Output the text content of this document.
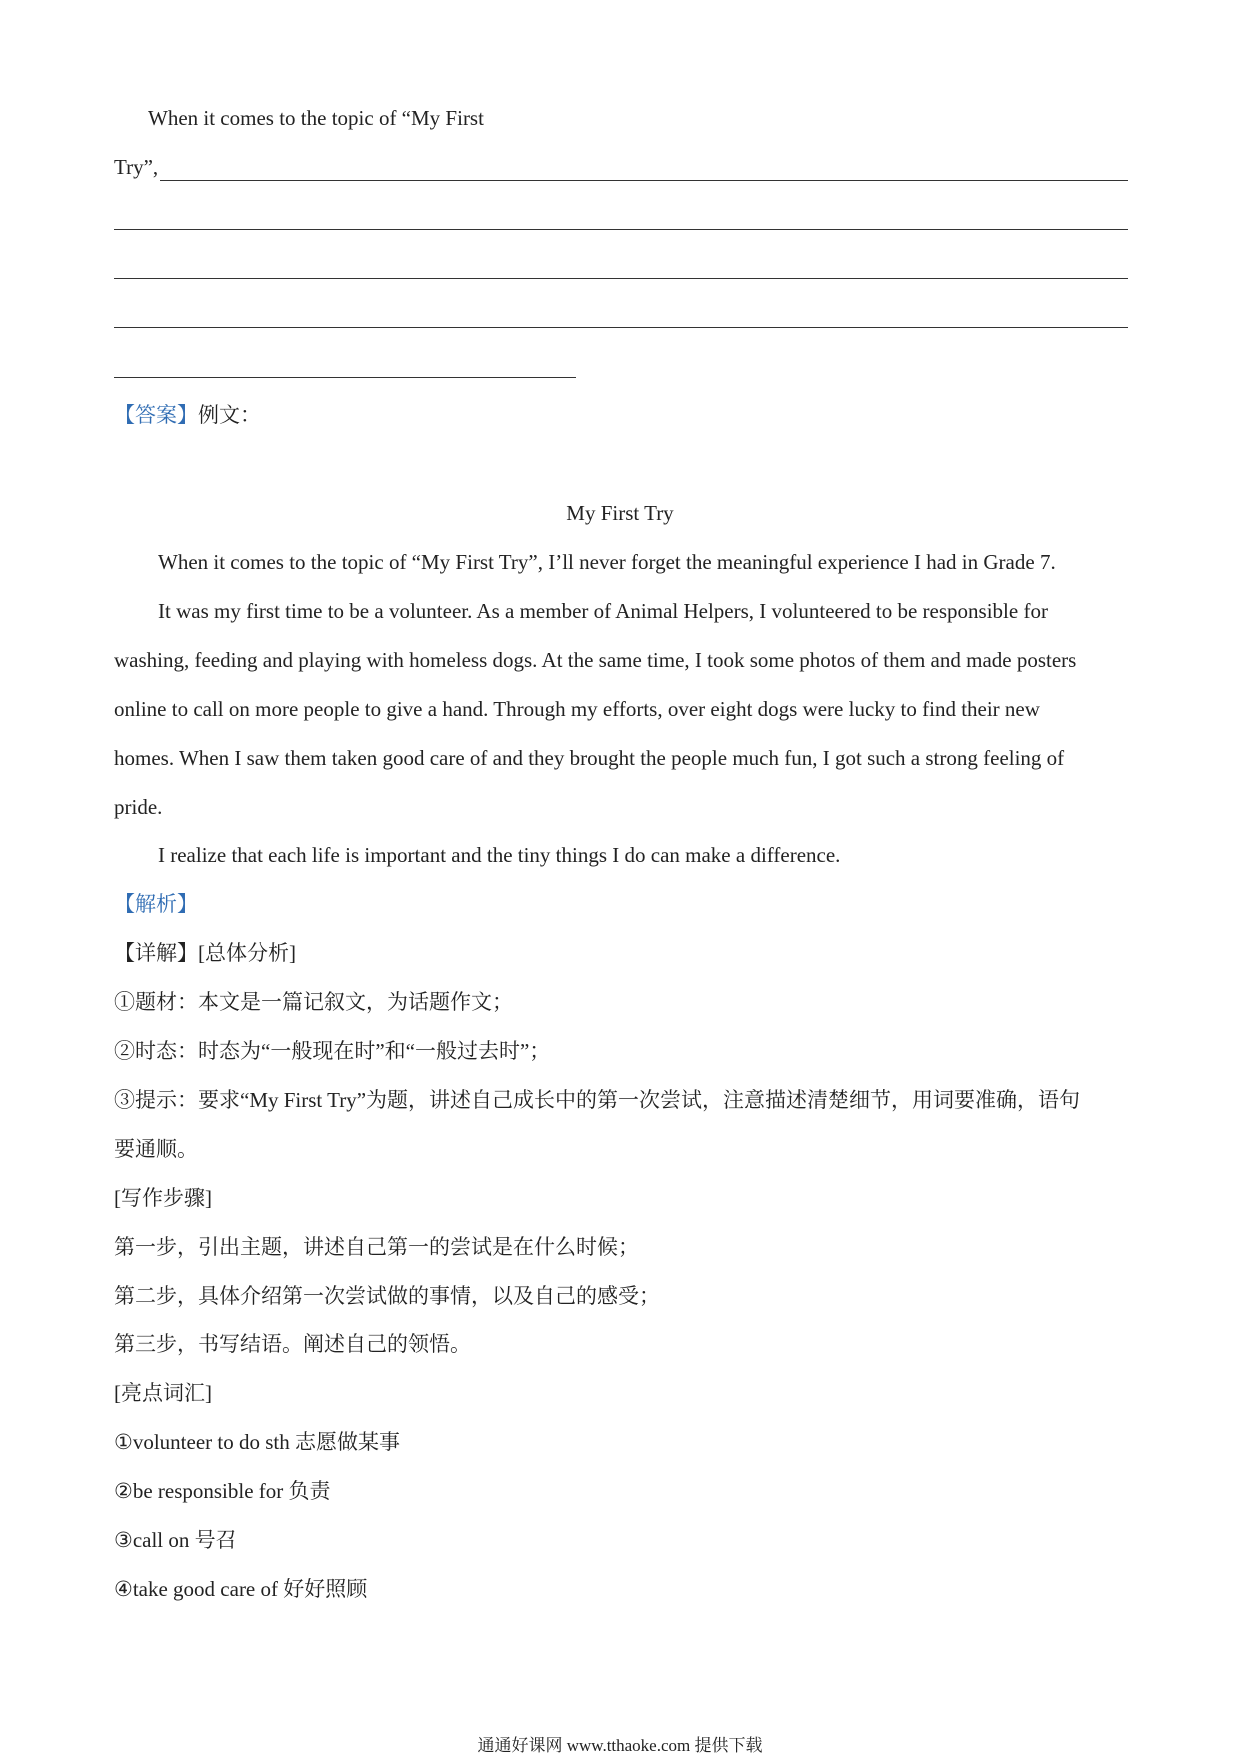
When it comes to the topic of “My First
Try”,
【答案】例文：
My First Try
When it comes to the topic of “My First Try”, I’ll never forget the meaningful experience I had in Grade 7.
It was my first time to be a volunteer. As a member of Animal Helpers, I volunteered to be responsible for
washing, feeding and playing with homeless dogs. At the same time, I took some photos of them and made posters
online to call on more people to give a hand. Through my efforts, over eight dogs were lucky to find their new
homes. When I saw them taken good care of and they brought the people much fun, I got such a strong feeling of
pride.
I realize that each life is important and the tiny things I do can make a difference.
【解析】
【详解】[总体分析]
①题材：本文是一篇记叙文，为话题作文；
②时态：时态为“一般现在时”和“一般过去时”；
③提示：要求“My First Try”为题，讲述自己成长中的第一次尝试，注意描述清楚细节，用词要准确，语句
要通顺。
[写作步骤]
第一步，引出主题，讲述自己第一的尝试是在什么时候；
第二步，具体介绍第一次尝试做的事情，以及自己的感受；
第三步，书写结语。阐述自己的领悟。
[亮点词汇]
①volunteer to do sth 志愿做某事
②be responsible for 负责
③call on 号召
④take good care of 好好照顾
通通好课网 www.tthaoke.com 提供下载
